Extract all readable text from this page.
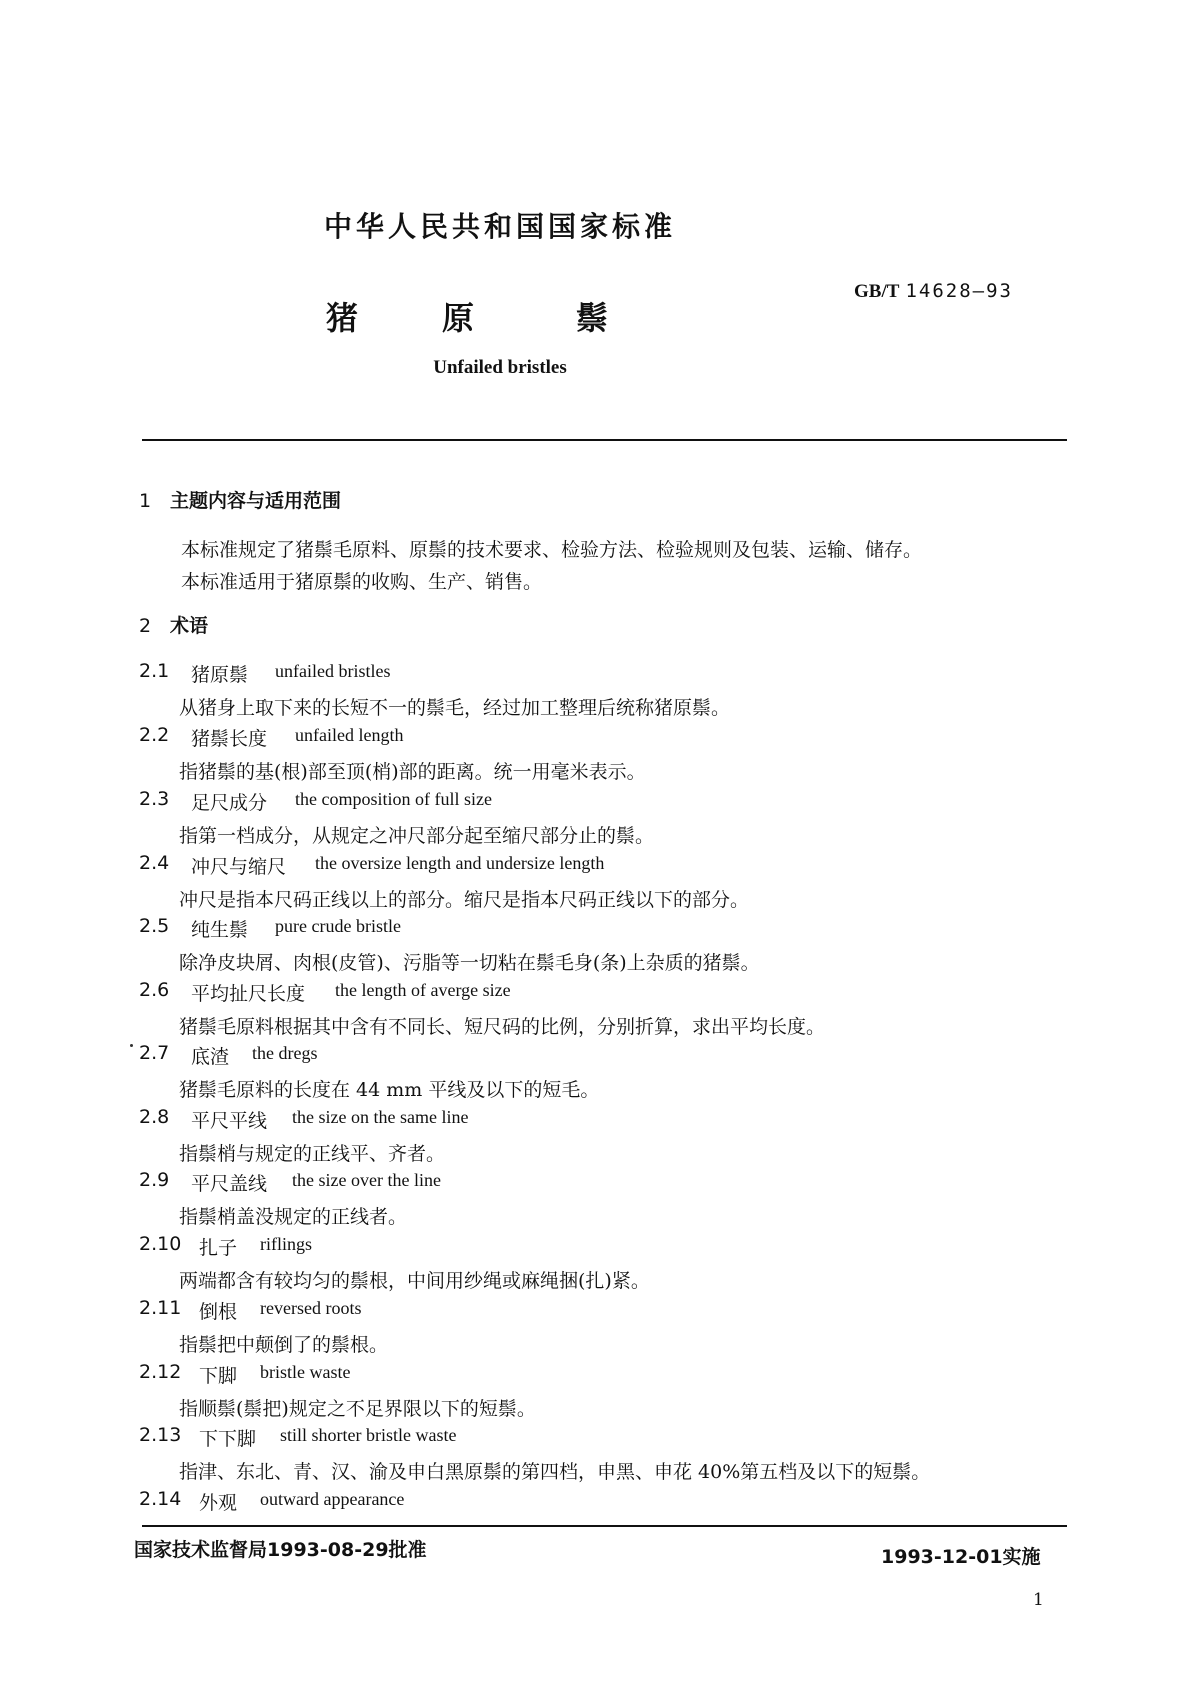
中华人民共和国国家标准
GB/T 14628—93
猪	原	鬃
Unfailed bristles
1 主题内容与适用范围
本标准规定了猪鬃毛原料、原鬃的技术要求、检验方法、检验规则及包装、运输、储存。
本标准适用于猪原鬃的收购、生产、销售。
2 术语
2.1	猪原鬃 unfailed bristles
从猪身上取下来的长短不一的鬃毛，经过加工整理后统称猪原鬃。
2.2	猪鬃长度 unfailed length
指猪鬃的基(根)部至顶(梢)部的距离。统一用毫米表示。
2.3	足尺成分 the composition of full size
指第一档成分，从规定之冲尺部分起至缩尺部分止的鬃。
2.4	冲尺与缩尺 the oversize length and undersize length
冲尺是指本尺码正线以上的部分。缩尺是指本尺码正线以下的部分。
2.5	纯生鬃 pure crude bristle
除净皮块屑、肉根(皮管)、污脂等一切粘在鬃毛身(条)上杂质的猪鬃。
2.6	平均扯尺长度 the length of averge size
猪鬃毛原料根据其中含有不同长、短尺码的比例，分别折算，求出平均长度。
2.7	底渣 the dregs
猪鬃毛原料的长度在 44 mm 平线及以下的短毛。
2.8	平尺平线 the size on the same line
指鬃梢与规定的正线平、齐者。
2.9	平尺盖线 the size over the line
指鬃梢盖没规定的正线者。
2.10 扎子 riflings
两端都含有较均匀的鬃根，中间用纱绳或麻绳捆(扎)紧。
2.11 倒根 reversed roots
指鬃把中颠倒了的鬃根。
2.12 下脚 bristle waste
指顺鬃(鬃把)规定之不足界限以下的短鬃。
2.13 下下脚 still shorter bristle waste
指津、东北、青、汉、渝及申白黑原鬃的第四档，申黑、申花 40%第五档及以下的短鬃。
2.14 外观 outward appearance
国家技术监督局1993-08-29批准	1993-12-01实施
1
